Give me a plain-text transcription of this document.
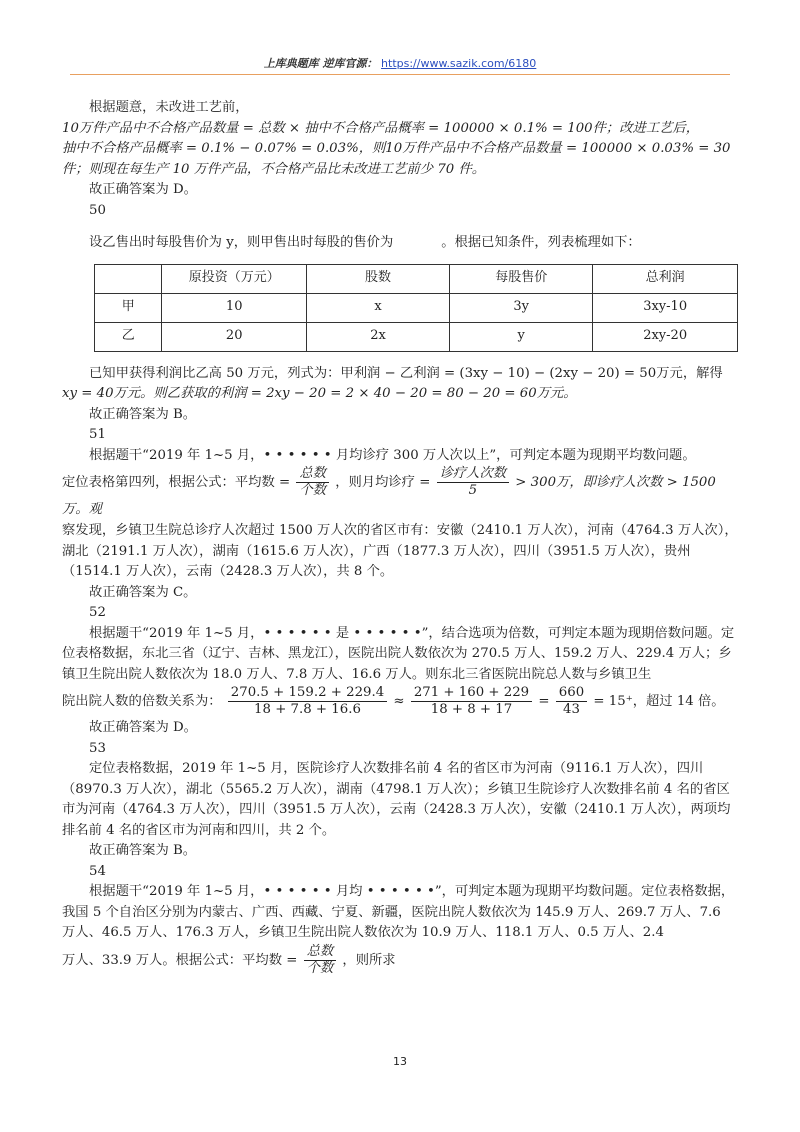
上库典题库 逆库官源： https://www.sazik.com/6180

根据题意，未改进工艺前，

10万件产品中不合格产品数量 = 总数 × 抽中不合格产品概率 = 100000 × 0.1% = 100件；改进工艺后，

抽中不合格产品概率 = 0.1% − 0.07% = 0.03%，则10万件产品中不合格产品数量 = 100000 × 0.03% = 30件；则现在每生产 10 万件产品，不合格产品比未改进工艺前少 70 件。

故正确答案为 D。

50

设乙售出时每股售价为 y，则甲售出时每股的售价为	。根据已知条件，列表梳理如下：

	原投资（万元）	股数	每股售价	总利润
甲	10	x	3y	3xy-10
乙	20	2x	y	2xy-20

已知甲获得利润比乙高 50 万元，列式为：甲利润 − 乙利润 = (3xy − 10) − (2xy − 20) = 50万元，解得

xy = 40万元。则乙获取的利润 = 2xy − 20 = 2 × 40 − 20 = 80 − 20 = 60万元。

故正确答案为 B。

51

根据题干“2019 年 1~5 月，• • • • • • 月均诊疗 300 万人次以上”，可判定本题为现期平均数问题。

定位表格第四列，根据公式：平均数 = $\frac{\text{总数}}{\text{个数}}$ ，则月均诊疗 = $\frac{\text{诊疗人次数}}{5} > 300$万，即诊疗人次数 > 1500万。观

察发现，乡镇卫生院总诊疗人次超过 1500 万人次的省区市有：安徽（2410.1 万人次），河南（4764.3 万人次），湖北（2191.1 万人次），湖南（1615.6 万人次），广西（1877.3 万人次），四川（3951.5 万人次），贵州（1514.1 万人次），云南（2428.3 万人次），共 8 个。

故正确答案为 C。

52

根据题干“2019 年 1~5 月，• • • • • • 是 • • • • • •”，结合选项为倍数，可判定本题为现期倍数问题。定位表格数据，东北三省（辽宁、吉林、黑龙江），医院出院人数依次为 270.5 万人、159.2 万人、229.4 万人；乡镇卫生院出院人数依次为 18.0 万人、7.8 万人、16.6 万人。则东北三省医院出院总人数与乡镇卫生

院出院人数的倍数关系为： $\frac{270.5 + 159.2 + 229.4}{18 + 7.8 + 16.6} \approx \frac{271 + 160 + 229}{18 + 8 + 17} = \frac{660}{43} = 15^+$，超过 14 倍。

故正确答案为 D。

53

定位表格数据，2019 年 1~5 月，医院诊疗人次数排名前 4 名的省区市为河南（9116.1 万人次），四川（8970.3 万人次），湖北（5565.2 万人次），湖南（4798.1 万人次）；乡镇卫生院诊疗人次数排名前 4 名的省区市为河南（4764.3 万人次），四川（3951.5 万人次），云南（2428.3 万人次），安徽（2410.1 万人次），两项均排名前 4 名的省区市为河南和四川，共 2 个。

故正确答案为 B。

54

根据题干“2019 年 1~5 月，• • • • • • 月均 • • • • • •”，可判定本题为现期平均数问题。定位表格数据，我国 5 个自治区分别为内蒙古、广西、西藏、宁夏、新疆，医院出院人数依次为 145.9 万人、269.7 万人、7.6 万人、46.5 万人、176.3 万人，乡镇卫生院出院人数依次为 10.9 万人、118.1 万人、0.5 万人、2.4

万人、33.9 万人。根据公式：平均数 = $\frac{\text{总数}}{\text{个数}}$ ，则所求

13
